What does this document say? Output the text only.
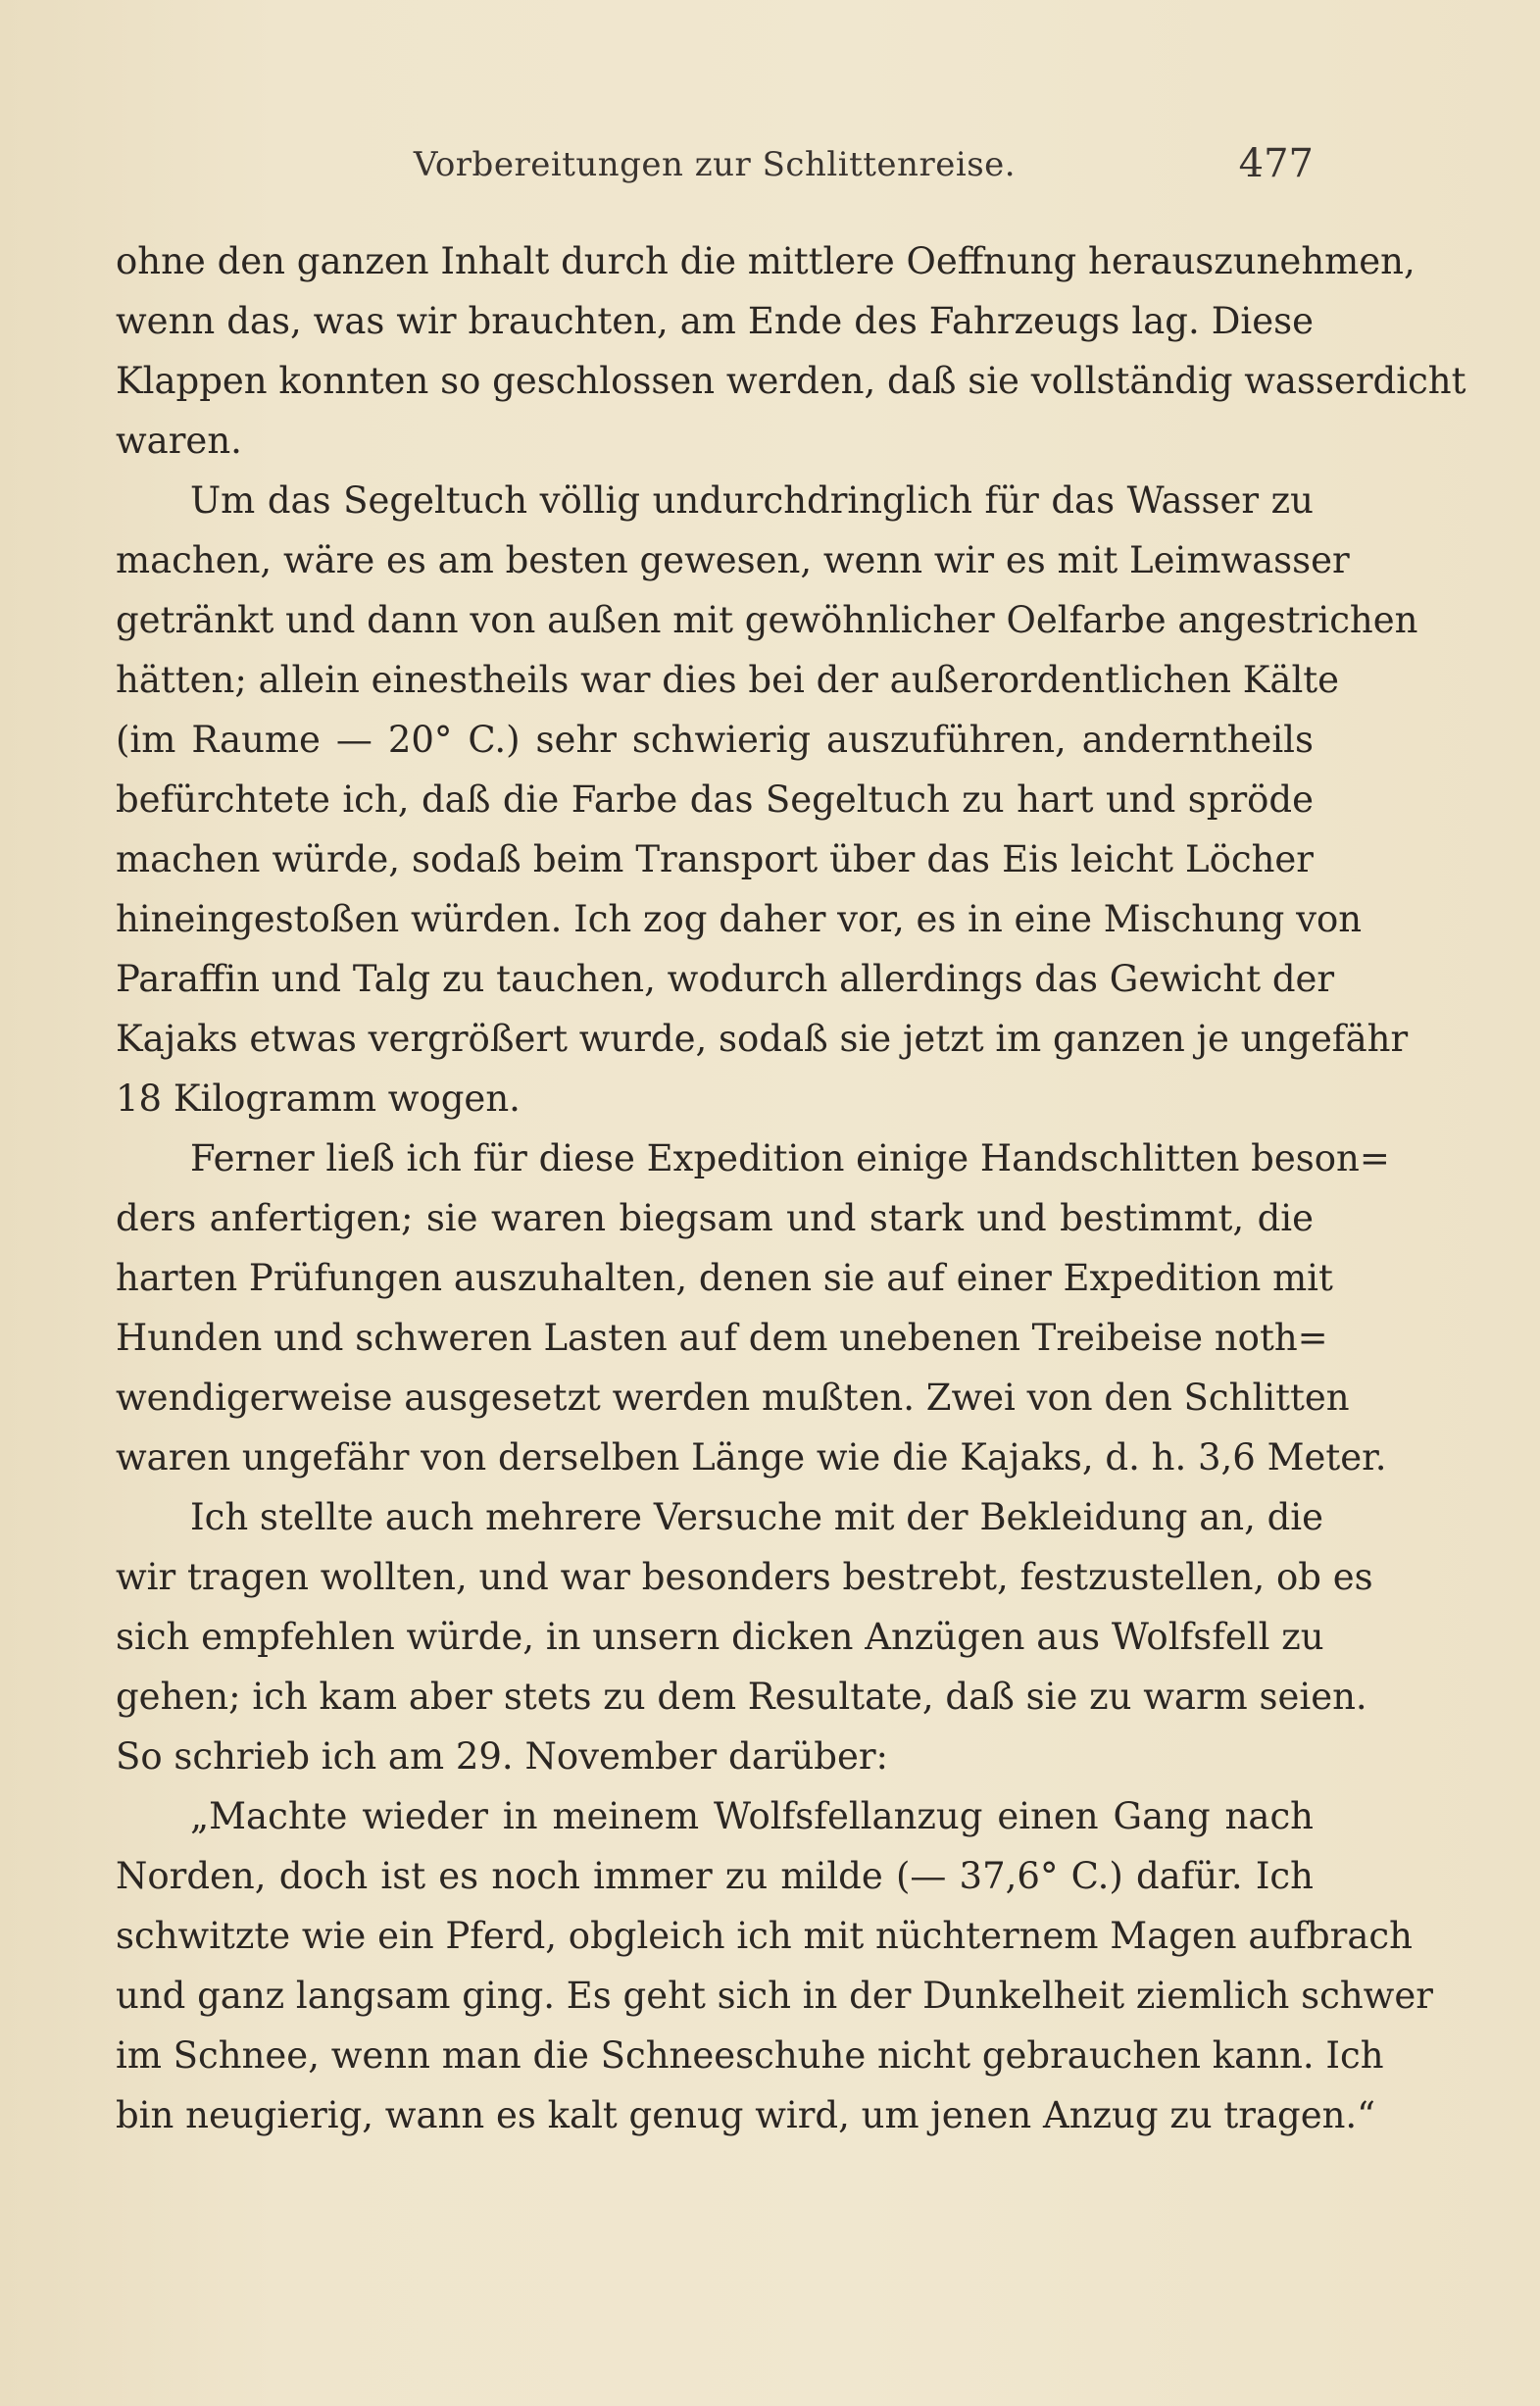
Vorbereitungen zur Schlittenreise.	477
ohne den ganzen Inhalt durch die mittlere Oeffnung herauszunehmen,
wenn das, was wir brauchten, am Ende des Fahrzeugs lag. Diese
Klappen konnten so geschlossen werden, daß sie vollständig wasserdicht
waren.
Um das Segeltuch völlig undurchdringlich für das Wasser zu
machen, wäre es am besten gewesen, wenn wir es mit Leimwasser
getränkt und dann von außen mit gewöhnlicher Oelfarbe angestrichen
hätten; allein einestheils war dies bei der außerordentlichen Kälte
(im Raume — 20° C.) sehr schwierig auszuführen, anderntheils
befürchtete ich, daß die Farbe das Segeltuch zu hart und spröde
machen würde, sodaß beim Transport über das Eis leicht Löcher
hineingestoßen würden. Ich zog daher vor, es in eine Mischung von
Paraffin und Talg zu tauchen, wodurch allerdings das Gewicht der
Kajaks etwas vergrößert wurde, sodaß sie jetzt im ganzen je ungefähr
18 Kilogramm wogen.
Ferner ließ ich für diese Expedition einige Handschlitten beson=
ders anfertigen; sie waren biegsam und stark und bestimmt, die
harten Prüfungen auszuhalten, denen sie auf einer Expedition mit
Hunden und schweren Lasten auf dem unebenen Treibeise noth=
wendigerweise ausgesetzt werden mußten. Zwei von den Schlitten
waren ungefähr von derselben Länge wie die Kajaks, d. h. 3,6 Meter.
Ich stellte auch mehrere Versuche mit der Bekleidung an, die
wir tragen wollten, und war besonders bestrebt, festzustellen, ob es
sich empfehlen würde, in unsern dicken Anzügen aus Wolfsfell zu
gehen; ich kam aber stets zu dem Resultate, daß sie zu warm seien.
So schrieb ich am 29. November darüber:
„Machte wieder in meinem Wolfsfellanzug einen Gang nach
Norden, doch ist es noch immer zu milde (— 37,6° C.) dafür. Ich
schwitzte wie ein Pferd, obgleich ich mit nüchternem Magen aufbrach
und ganz langsam ging. Es geht sich in der Dunkelheit ziemlich schwer
im Schnee, wenn man die Schneeschuhe nicht gebrauchen kann. Ich
bin neugierig, wann es kalt genug wird, um jenen Anzug zu tragen.“
